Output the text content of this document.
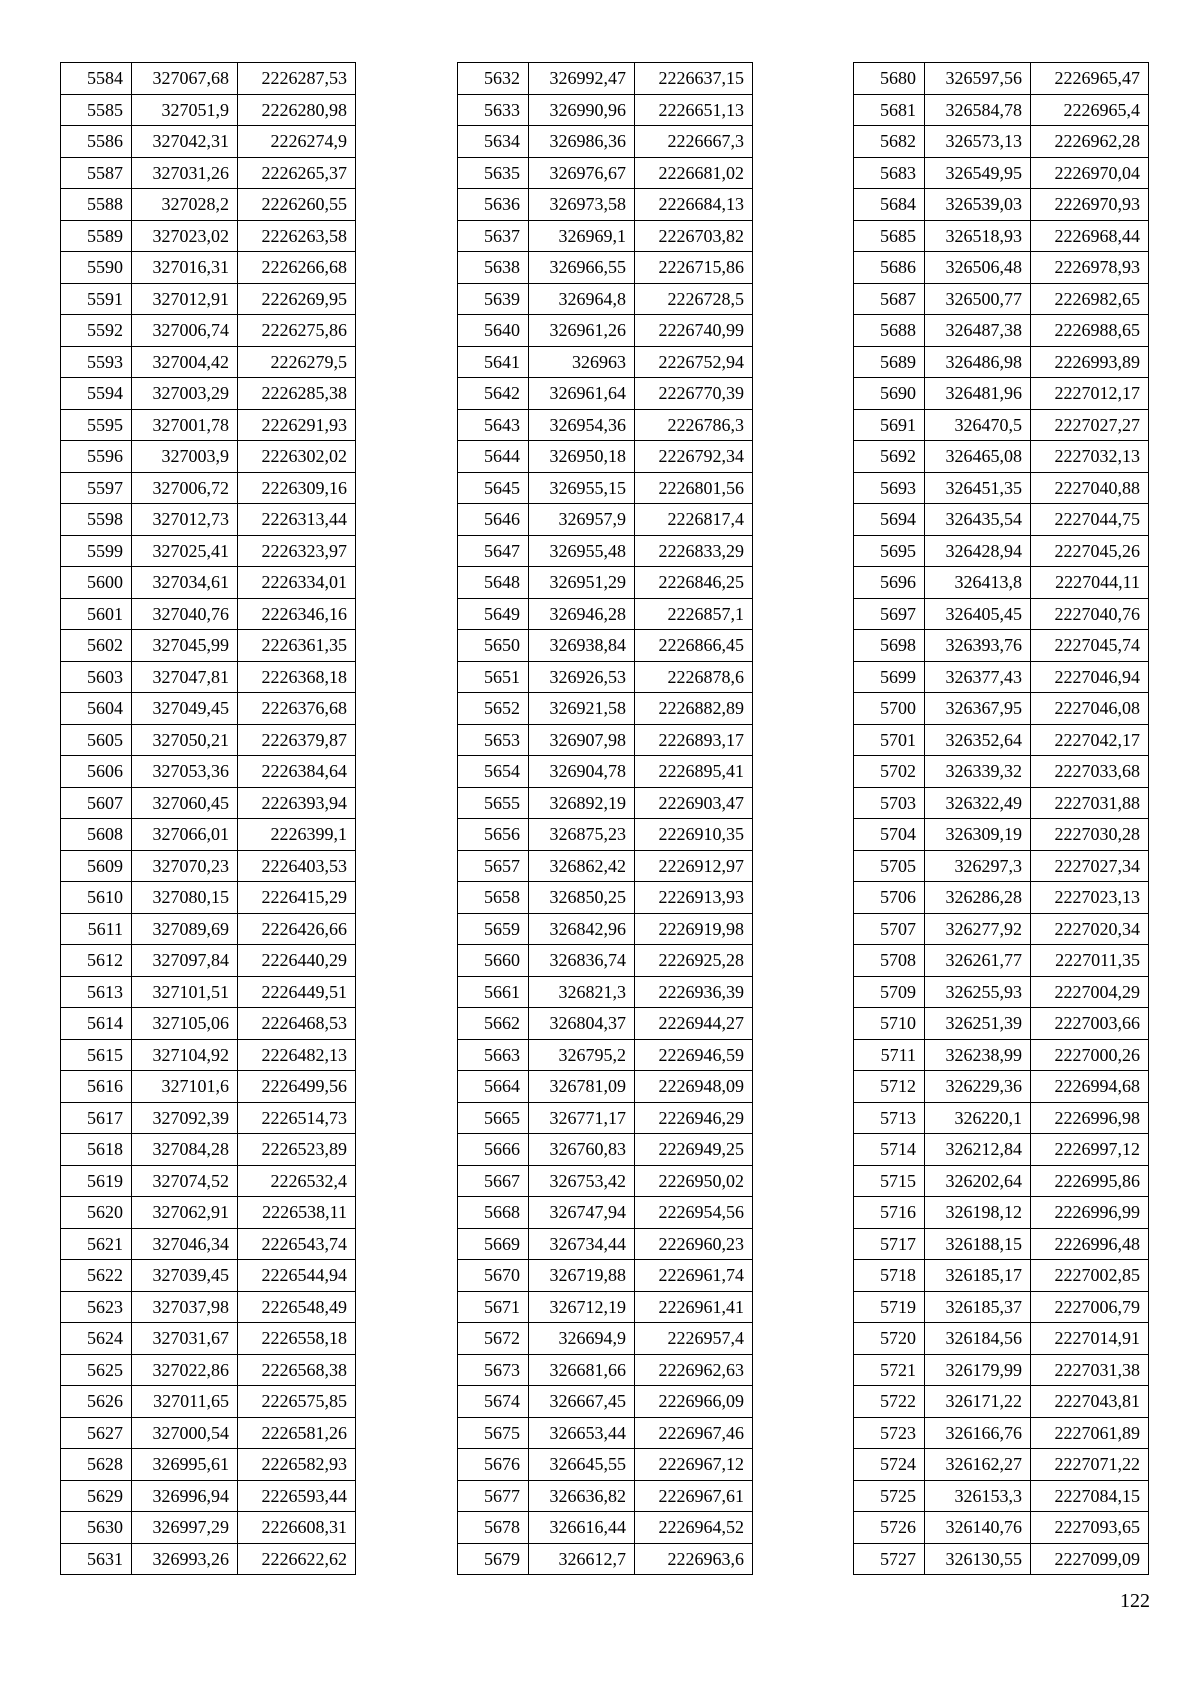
5584	327067,68	2226287,53
5585	327051,9	2226280,98
5586	327042,31	2226274,9
5587	327031,26	2226265,37
5588	327028,2	2226260,55
5589	327023,02	2226263,58
5590	327016,31	2226266,68
5591	327012,91	2226269,95
5592	327006,74	2226275,86
5593	327004,42	2226279,5
5594	327003,29	2226285,38
5595	327001,78	2226291,93
5596	327003,9	2226302,02
5597	327006,72	2226309,16
5598	327012,73	2226313,44
5599	327025,41	2226323,97
5600	327034,61	2226334,01
5601	327040,76	2226346,16
5602	327045,99	2226361,35
5603	327047,81	2226368,18
5604	327049,45	2226376,68
5605	327050,21	2226379,87
5606	327053,36	2226384,64
5607	327060,45	2226393,94
5608	327066,01	2226399,1
5609	327070,23	2226403,53
5610	327080,15	2226415,29
5611	327089,69	2226426,66
5612	327097,84	2226440,29
5613	327101,51	2226449,51
5614	327105,06	2226468,53
5615	327104,92	2226482,13
5616	327101,6	2226499,56
5617	327092,39	2226514,73
5618	327084,28	2226523,89
5619	327074,52	2226532,4
5620	327062,91	2226538,11
5621	327046,34	2226543,74
5622	327039,45	2226544,94
5623	327037,98	2226548,49
5624	327031,67	2226558,18
5625	327022,86	2226568,38
5626	327011,65	2226575,85
5627	327000,54	2226581,26
5628	326995,61	2226582,93
5629	326996,94	2226593,44
5630	326997,29	2226608,31
5631	326993,26	2226622,62
5632	326992,47	2226637,15
5633	326990,96	2226651,13
5634	326986,36	2226667,3
5635	326976,67	2226681,02
5636	326973,58	2226684,13
5637	326969,1	2226703,82
5638	326966,55	2226715,86
5639	326964,8	2226728,5
5640	326961,26	2226740,99
5641	326963	2226752,94
5642	326961,64	2226770,39
5643	326954,36	2226786,3
5644	326950,18	2226792,34
5645	326955,15	2226801,56
5646	326957,9	2226817,4
5647	326955,48	2226833,29
5648	326951,29	2226846,25
5649	326946,28	2226857,1
5650	326938,84	2226866,45
5651	326926,53	2226878,6
5652	326921,58	2226882,89
5653	326907,98	2226893,17
5654	326904,78	2226895,41
5655	326892,19	2226903,47
5656	326875,23	2226910,35
5657	326862,42	2226912,97
5658	326850,25	2226913,93
5659	326842,96	2226919,98
5660	326836,74	2226925,28
5661	326821,3	2226936,39
5662	326804,37	2226944,27
5663	326795,2	2226946,59
5664	326781,09	2226948,09
5665	326771,17	2226946,29
5666	326760,83	2226949,25
5667	326753,42	2226950,02
5668	326747,94	2226954,56
5669	326734,44	2226960,23
5670	326719,88	2226961,74
5671	326712,19	2226961,41
5672	326694,9	2226957,4
5673	326681,66	2226962,63
5674	326667,45	2226966,09
5675	326653,44	2226967,46
5676	326645,55	2226967,12
5677	326636,82	2226967,61
5678	326616,44	2226964,52
5679	326612,7	2226963,6
5680	326597,56	2226965,47
5681	326584,78	2226965,4
5682	326573,13	2226962,28
5683	326549,95	2226970,04
5684	326539,03	2226970,93
5685	326518,93	2226968,44
5686	326506,48	2226978,93
5687	326500,77	2226982,65
5688	326487,38	2226988,65
5689	326486,98	2226993,89
5690	326481,96	2227012,17
5691	326470,5	2227027,27
5692	326465,08	2227032,13
5693	326451,35	2227040,88
5694	326435,54	2227044,75
5695	326428,94	2227045,26
5696	326413,8	2227044,11
5697	326405,45	2227040,76
5698	326393,76	2227045,74
5699	326377,43	2227046,94
5700	326367,95	2227046,08
5701	326352,64	2227042,17
5702	326339,32	2227033,68
5703	326322,49	2227031,88
5704	326309,19	2227030,28
5705	326297,3	2227027,34
5706	326286,28	2227023,13
5707	326277,92	2227020,34
5708	326261,77	2227011,35
5709	326255,93	2227004,29
5710	326251,39	2227003,66
5711	326238,99	2227000,26
5712	326229,36	2226994,68
5713	326220,1	2226996,98
5714	326212,84	2226997,12
5715	326202,64	2226995,86
5716	326198,12	2226996,99
5717	326188,15	2226996,48
5718	326185,17	2227002,85
5719	326185,37	2227006,79
5720	326184,56	2227014,91
5721	326179,99	2227031,38
5722	326171,22	2227043,81
5723	326166,76	2227061,89
5724	326162,27	2227071,22
5725	326153,3	2227084,15
5726	326140,76	2227093,65
5727	326130,55	2227099,09
122
